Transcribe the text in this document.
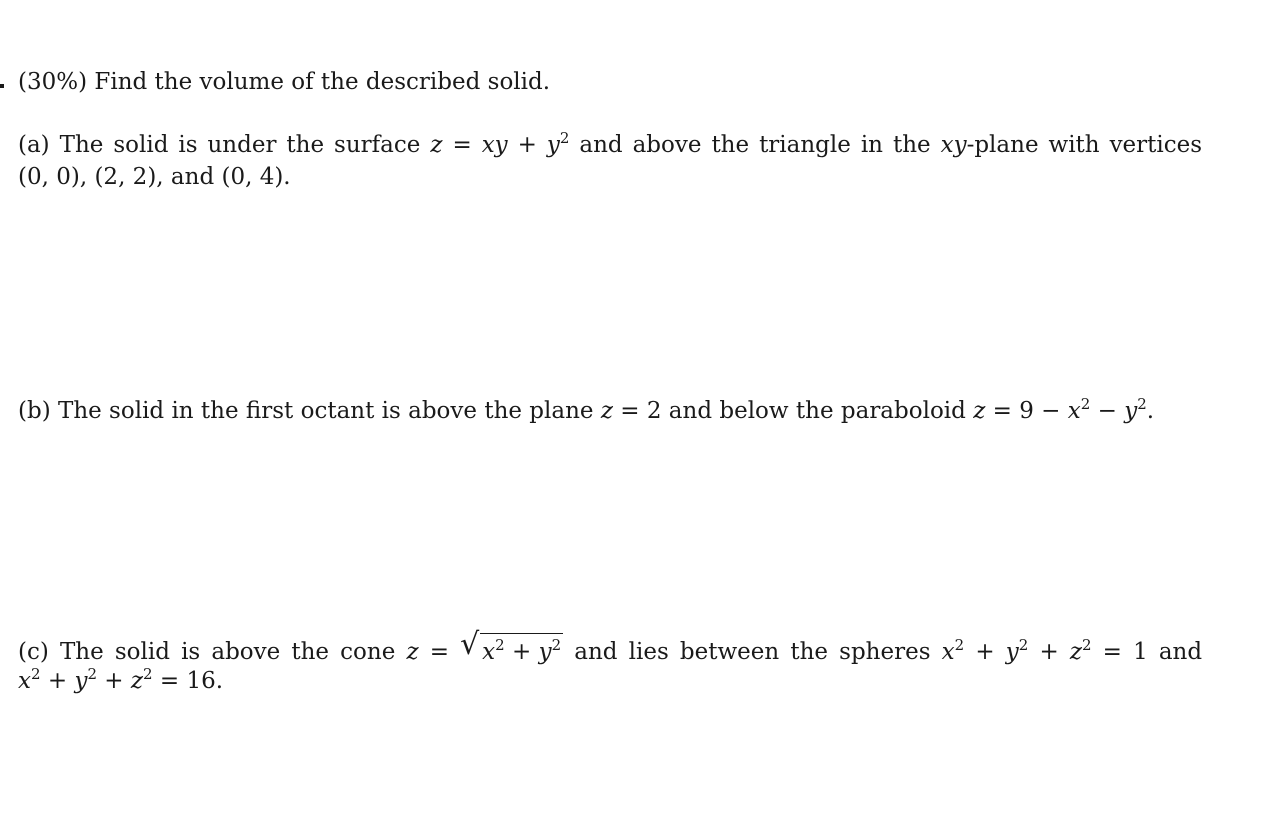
(30%) Find the volume of the described solid.
(a) The solid is under the surface z = xy + $y^2$ and above the triangle in the xy-plane with vertices
(0, 0), (2, 2), and (0, 4).
(b) The solid in the first octant is above the plane z = 2 and below the paraboloid $z = 9 - x^2 - y^2$.
(c) The solid is above the cone z = √ $x^2 + y^2$ and lies between the spheres $x^2 + y^2 + z^2 = 1$ and
$x^2 + y^2 + z^2 = 16$.
